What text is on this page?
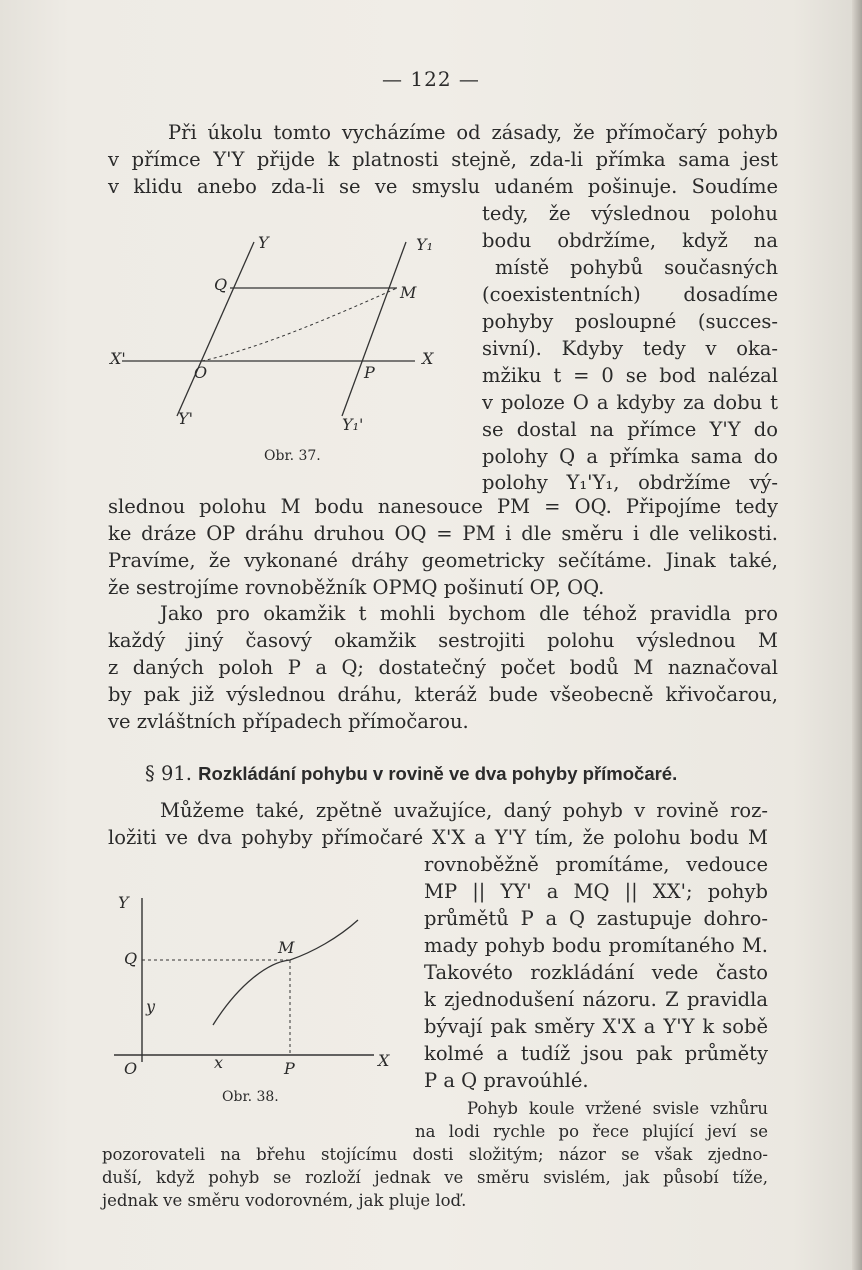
— 122 —
Při úkolu tomto vycházíme od zásady, že přímočarý pohyb
v přímce Y'Y přijde k platnosti stejně, zda-li přímka sama jest
v klidu anebo zda-li se ve smyslu udaném pošinuje. Soudíme
tedy, že výslednou polohu
bodu obdržíme, když na
místě pohybů současných
(coexistentních) dosadíme
pohyby posloupné (succes-
sivní). Kdyby tedy v oka-
mžiku t = 0 se bod nalézal
v poloze O a kdyby za dobu t
se dostal na přímce Y'Y do
polohy Q a přímka sama do
polohy Y₁'Y₁, obdržíme vý-
slednou polohu M bodu nanesouce PM = OQ. Připojíme tedy
ke dráze OP dráhu druhou OQ = PM i dle směru i dle velikosti.
Pravíme, že vykonané dráhy geometricky sečítáme. Jinak také,
že sestrojíme rovnoběžník OPMQ pošinutí OP, OQ.
Y	Y₁
Q	M
X'
O	P
X
Y'	Y₁'
Obr. 37.
Jako pro okamžik t mohli bychom dle téhož pravidla pro
každý jiný časový okamžik sestrojiti polohu výslednou M
z daných poloh P a Q; dostatečný počet bodů M naznačoval
by pak již výslednou dráhu, kteráž bude všeobecně křivočarou,
ve zvláštních případech přímočarou.
§ 91. Rozkládání pohybu v rovině ve dva pohyby přímočaré.
Můžeme také, zpětně uvažujíce, daný pohyb v rovině roz-
ložiti ve dva pohyby přímočaré X'X a Y'Y tím, že polohu bodu M
rovnoběžně promítáme, vedouce
MP || YY' a MQ || XX'; pohyb
průmětů P a Q zastupuje dohro-
mady pohyb bodu promítaného M.
Takovéto rozkládání vede často
k zjednodušení názoru. Z pravidla
bývají pak směry X'X a Y'Y k sobě
kolmé a tudíž jsou pak průměty
P a Q pravoúhlé.
Y
Q
M
y
O	x	P	X
Obr. 38.
Pohyb koule vržené svisle vzhůru
na lodi rychle po řece plující jeví se
pozorovateli na břehu stojícímu dosti složitým; názor se však zjedno-
duší, když pohyb se rozloží jednak ve směru svislém, jak působí tíže,
jednak ve směru vodorovném, jak pluje loď.
